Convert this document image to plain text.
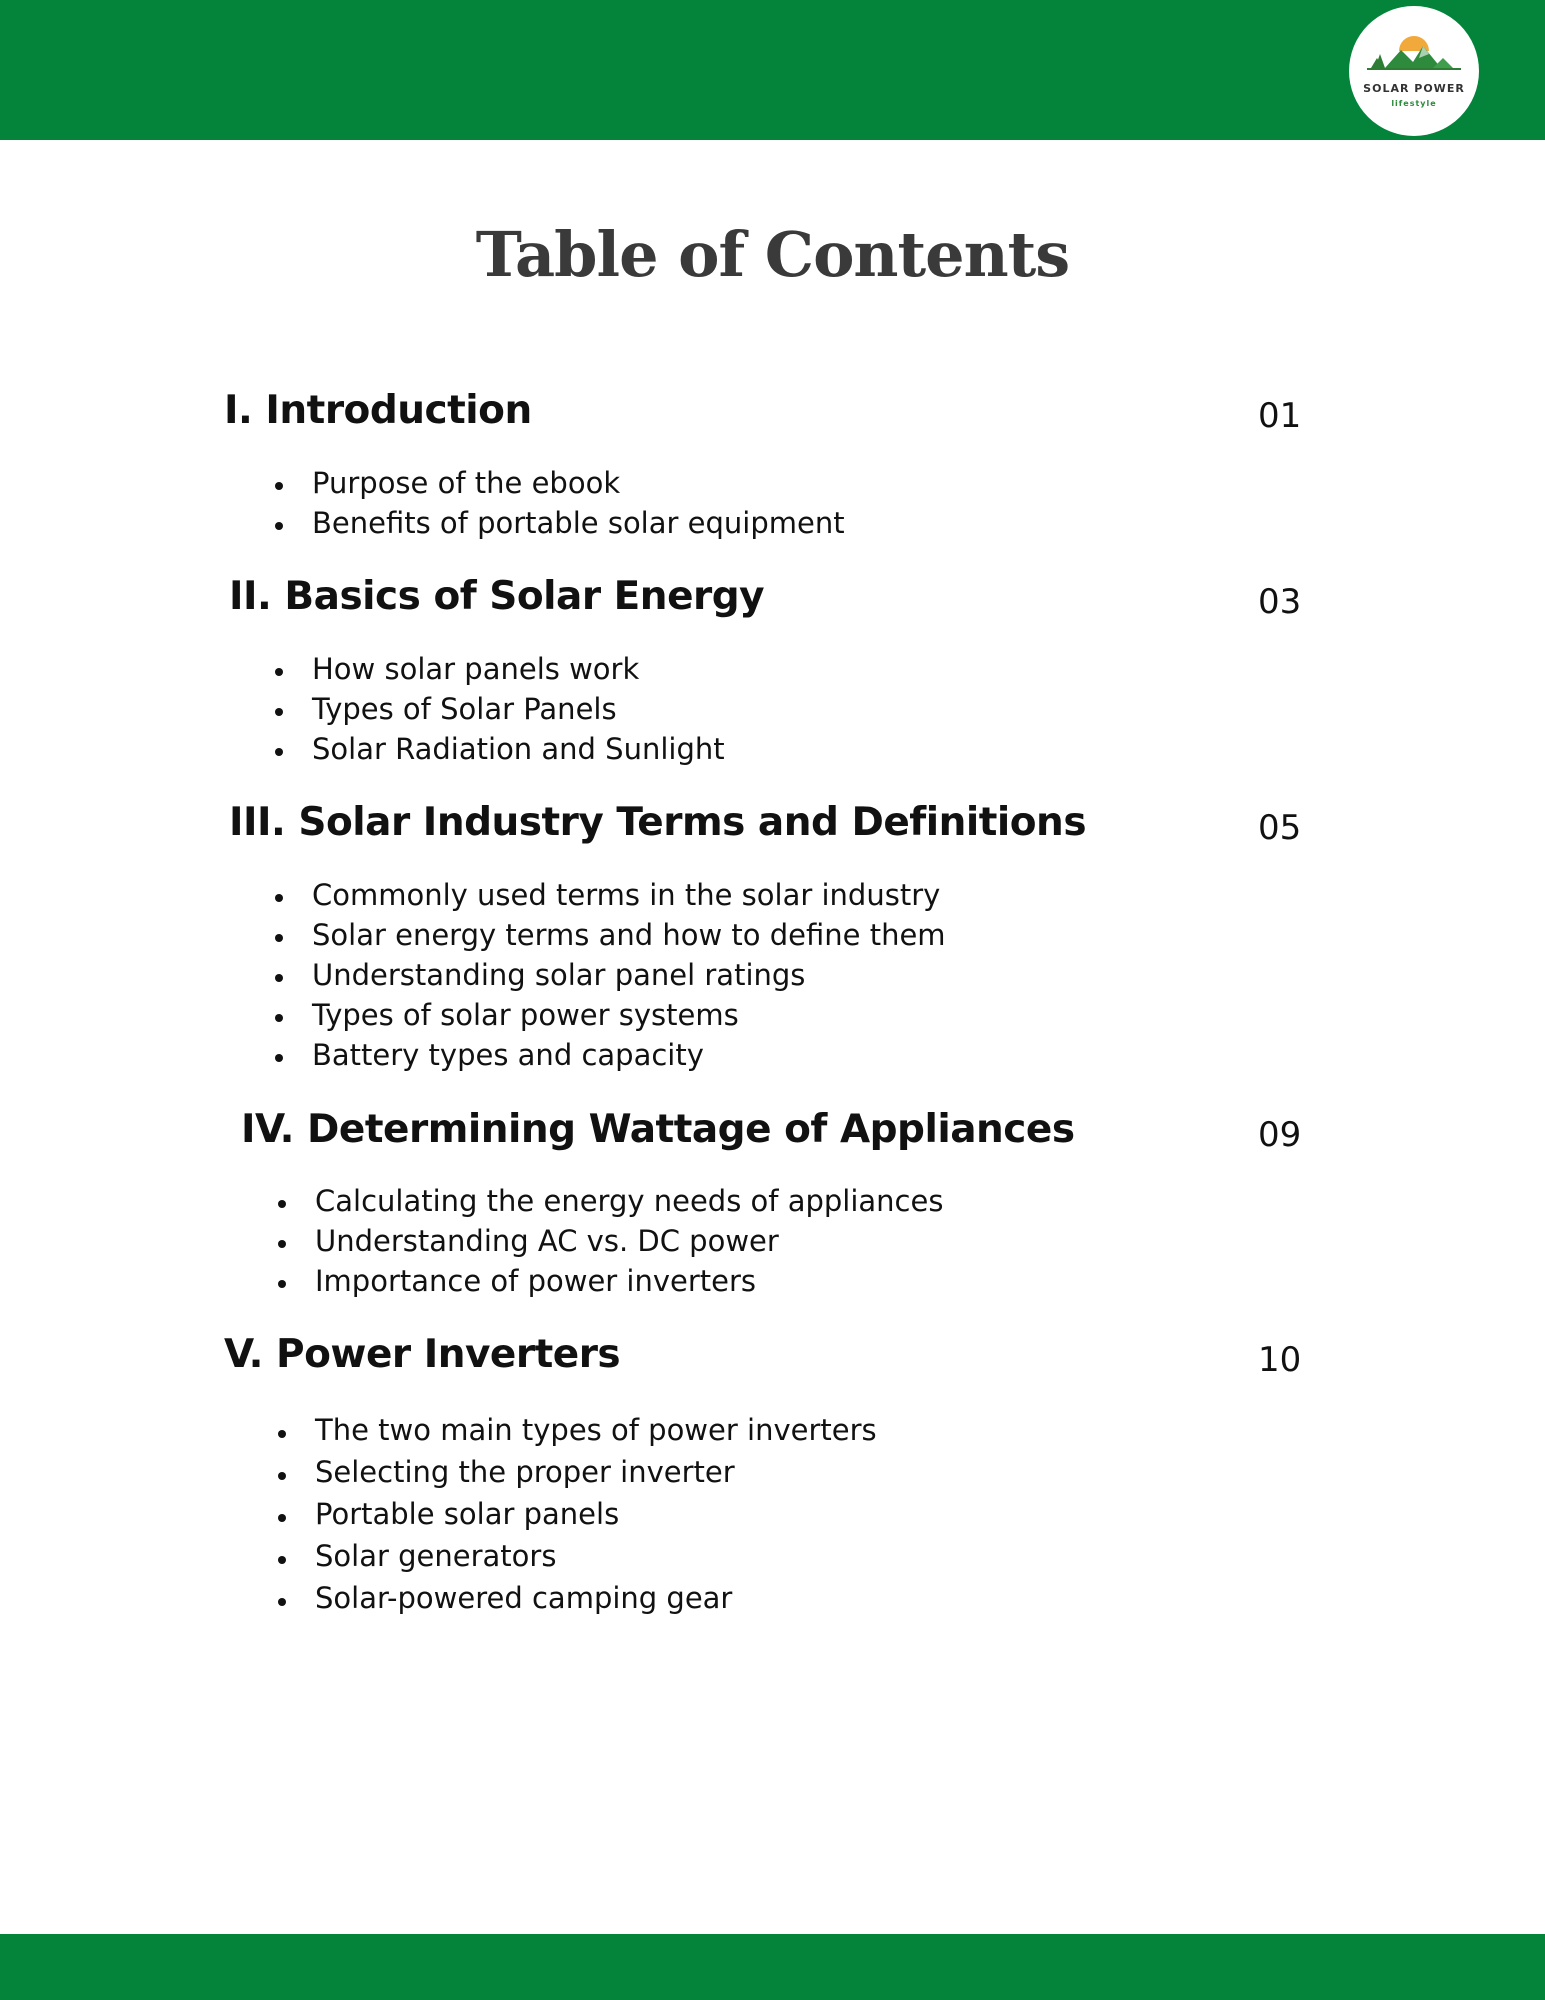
SOLAR POWER
lifestyle
Table of Contents
I. Introduction	01
Purpose of the ebook
Benefits of portable solar equipment
II. Basics of Solar Energy	03
How solar panels work
Types of Solar Panels
Solar Radiation and Sunlight
III. Solar Industry Terms and Definitions	05
Commonly used terms in the solar industry
Solar energy terms and how to define them
Understanding solar panel ratings
Types of solar power systems
Battery types and capacity
IV. Determining Wattage of Appliances	09
Calculating the energy needs of appliances
Understanding AC vs. DC power
Importance of power inverters
V. Power Inverters	10
The two main types of power inverters
Selecting the proper inverter
Portable solar panels
Solar generators
Solar-powered camping gear
